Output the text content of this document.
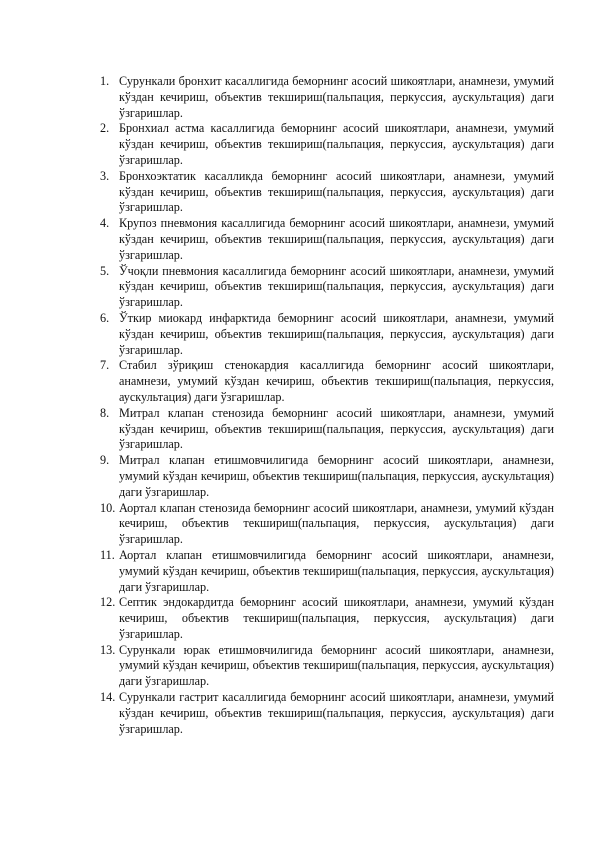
1. Сурункали бронхит касаллигида беморнинг асосий шикоятлари, анамнези, умумий кўздан кечириш, объектив текшириш(пальпация, перкуссия, аускультация) даги ўзгаришлар.
2. Бронхиал астма касаллигида беморнинг асосий шикоятлари, анамнези, умумий кўздан кечириш, объектив текшириш(пальпация, перкуссия, аускультация) даги ўзгаришлар.
3. Бронхоэктатик касалликда беморнинг асосий шикоятлари, анамнези, умумий кўздан кечириш, объектив текшириш(пальпация, перкуссия, аускультация) даги ўзгаришлар.
4. Крупоз пневмония касаллигида беморнинг асосий шикоятлари, анамнези, умумий кўздан кечириш, объектив текшириш(пальпация, перкуссия, аускультация) даги ўзгаришлар.
5. Ўчоқли пневмония касаллигида беморнинг асосий шикоятлари, анамнези, умумий кўздан кечириш, объектив текшириш(пальпация, перкуссия, аускультация) даги ўзгаришлар.
6. Ўткир миокард инфарктида беморнинг асосий шикоятлари, анамнези, умумий кўздан кечириш, объектив текшириш(пальпация, перкуссия, аускультация) даги ўзгаришлар.
7. Стабил зўриқиш стенокардия касаллигида беморнинг асосий шикоятлари, анамнези, умумий кўздан кечириш, объектив текшириш(пальпация, перкуссия, аускультация) даги ўзгаришлар.
8. Митрал клапан стенозида беморнинг асосий шикоятлари, анамнези, умумий кўздан кечириш, объектив текшириш(пальпация, перкуссия, аускультация) даги ўзгаришлар.
9. Митрал клапан етишмовчилигида беморнинг асосий шикоятлари, анамнези, умумий кўздан кечириш, объектив текшириш(пальпация, перкуссия, аускультация) даги ўзгаришлар.
10. Аортал клапан стенозида беморнинг асосий шикоятлари, анамнези, умумий кўздан кечириш, объектив текшириш(пальпация, перкуссия, аускультация) даги ўзгаришлар.
11. Аортал клапан етишмовчилигида беморнинг асосий шикоятлари, анамнези, умумий кўздан кечириш, объектив текшириш(пальпация, перкуссия, аускультация) даги ўзгаришлар.
12. Септик эндокардитда беморнинг асосий шикоятлари, анамнези, умумий кўздан кечириш, объектив текшириш(пальпация, перкуссия, аускультация) даги ўзгаришлар.
13. Сурункали юрак етишмовчилигида беморнинг асосий шикоятлари, анамнези, умумий кўздан кечириш, объектив текшириш(пальпация, перкуссия, аускультация) даги ўзгаришлар.
14. Сурункали гастрит касаллигида беморнинг асосий шикоятлари, анамнези, умумий кўздан кечириш, объектив текшириш(пальпация, перкуссия, аускультация) даги ўзгаришлар.
